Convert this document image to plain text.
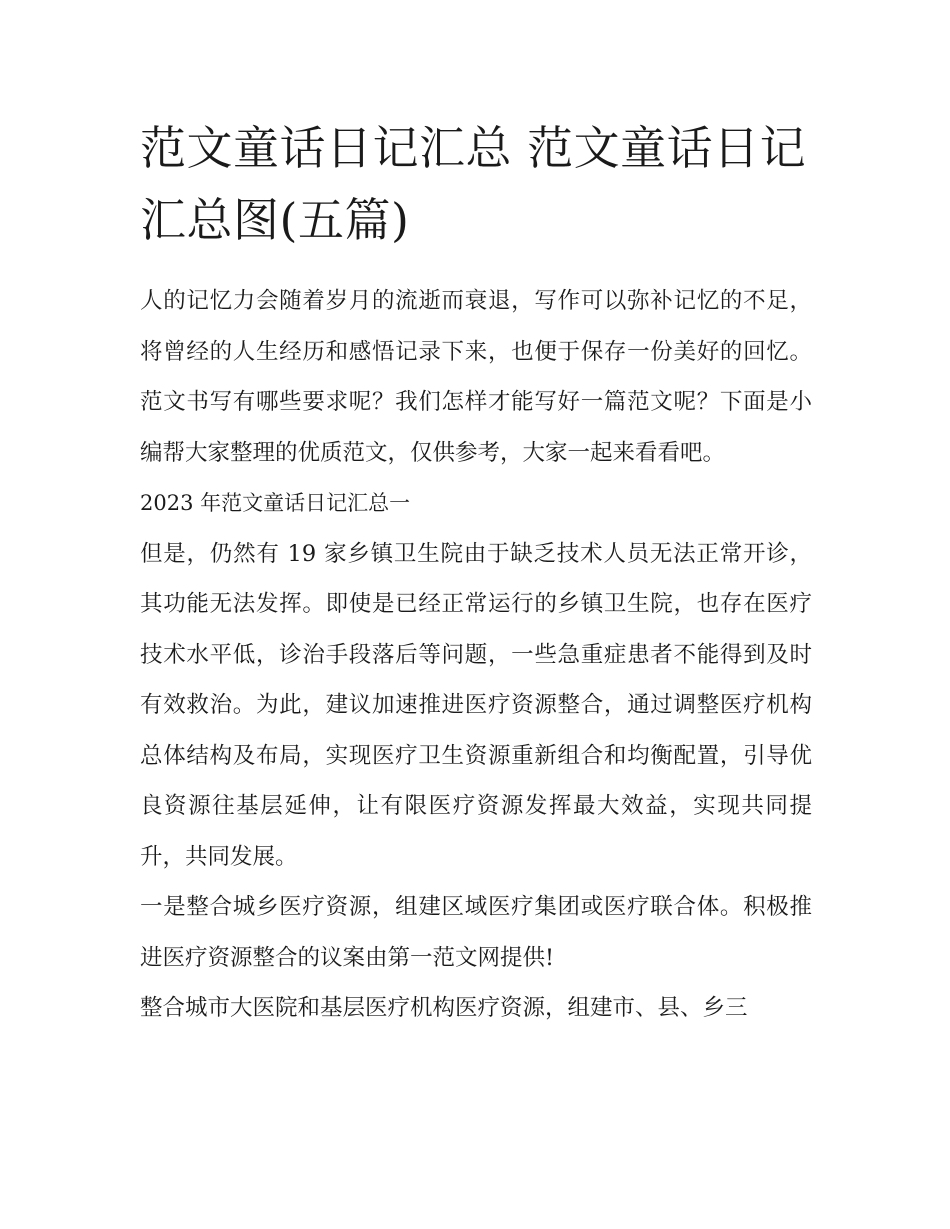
范文童话日记汇总 范文童话日记汇总图(五篇)

人的记忆力会随着岁月的流逝而衰退，写作可以弥补记忆的不足，将曾经的人生经历和感悟记录下来，也便于保存一份美好的回忆。范文书写有哪些要求呢？我们怎样才能写好一篇范文呢？下面是小编帮大家整理的优质范文，仅供参考，大家一起来看看吧。

2023 年范文童话日记汇总一

但是，仍然有 19 家乡镇卫生院由于缺乏技术人员无法正常开诊，其功能无法发挥。即使是已经正常运行的乡镇卫生院，也存在医疗技术水平低，诊治手段落后等问题，一些急重症患者不能得到及时有效救治。为此，建议加速推进医疗资源整合，通过调整医疗机构总体结构及布局，实现医疗卫生资源重新组合和均衡配置，引导优良资源往基层延伸，让有限医疗资源发挥最大效益，实现共同提升，共同发展。

一是整合城乡医疗资源，组建区域医疗集团或医疗联合体。积极推进医疗资源整合的议案由第一范文网提供!

整合城市大医院和基层医疗机构医疗资源，组建市、县、乡三
